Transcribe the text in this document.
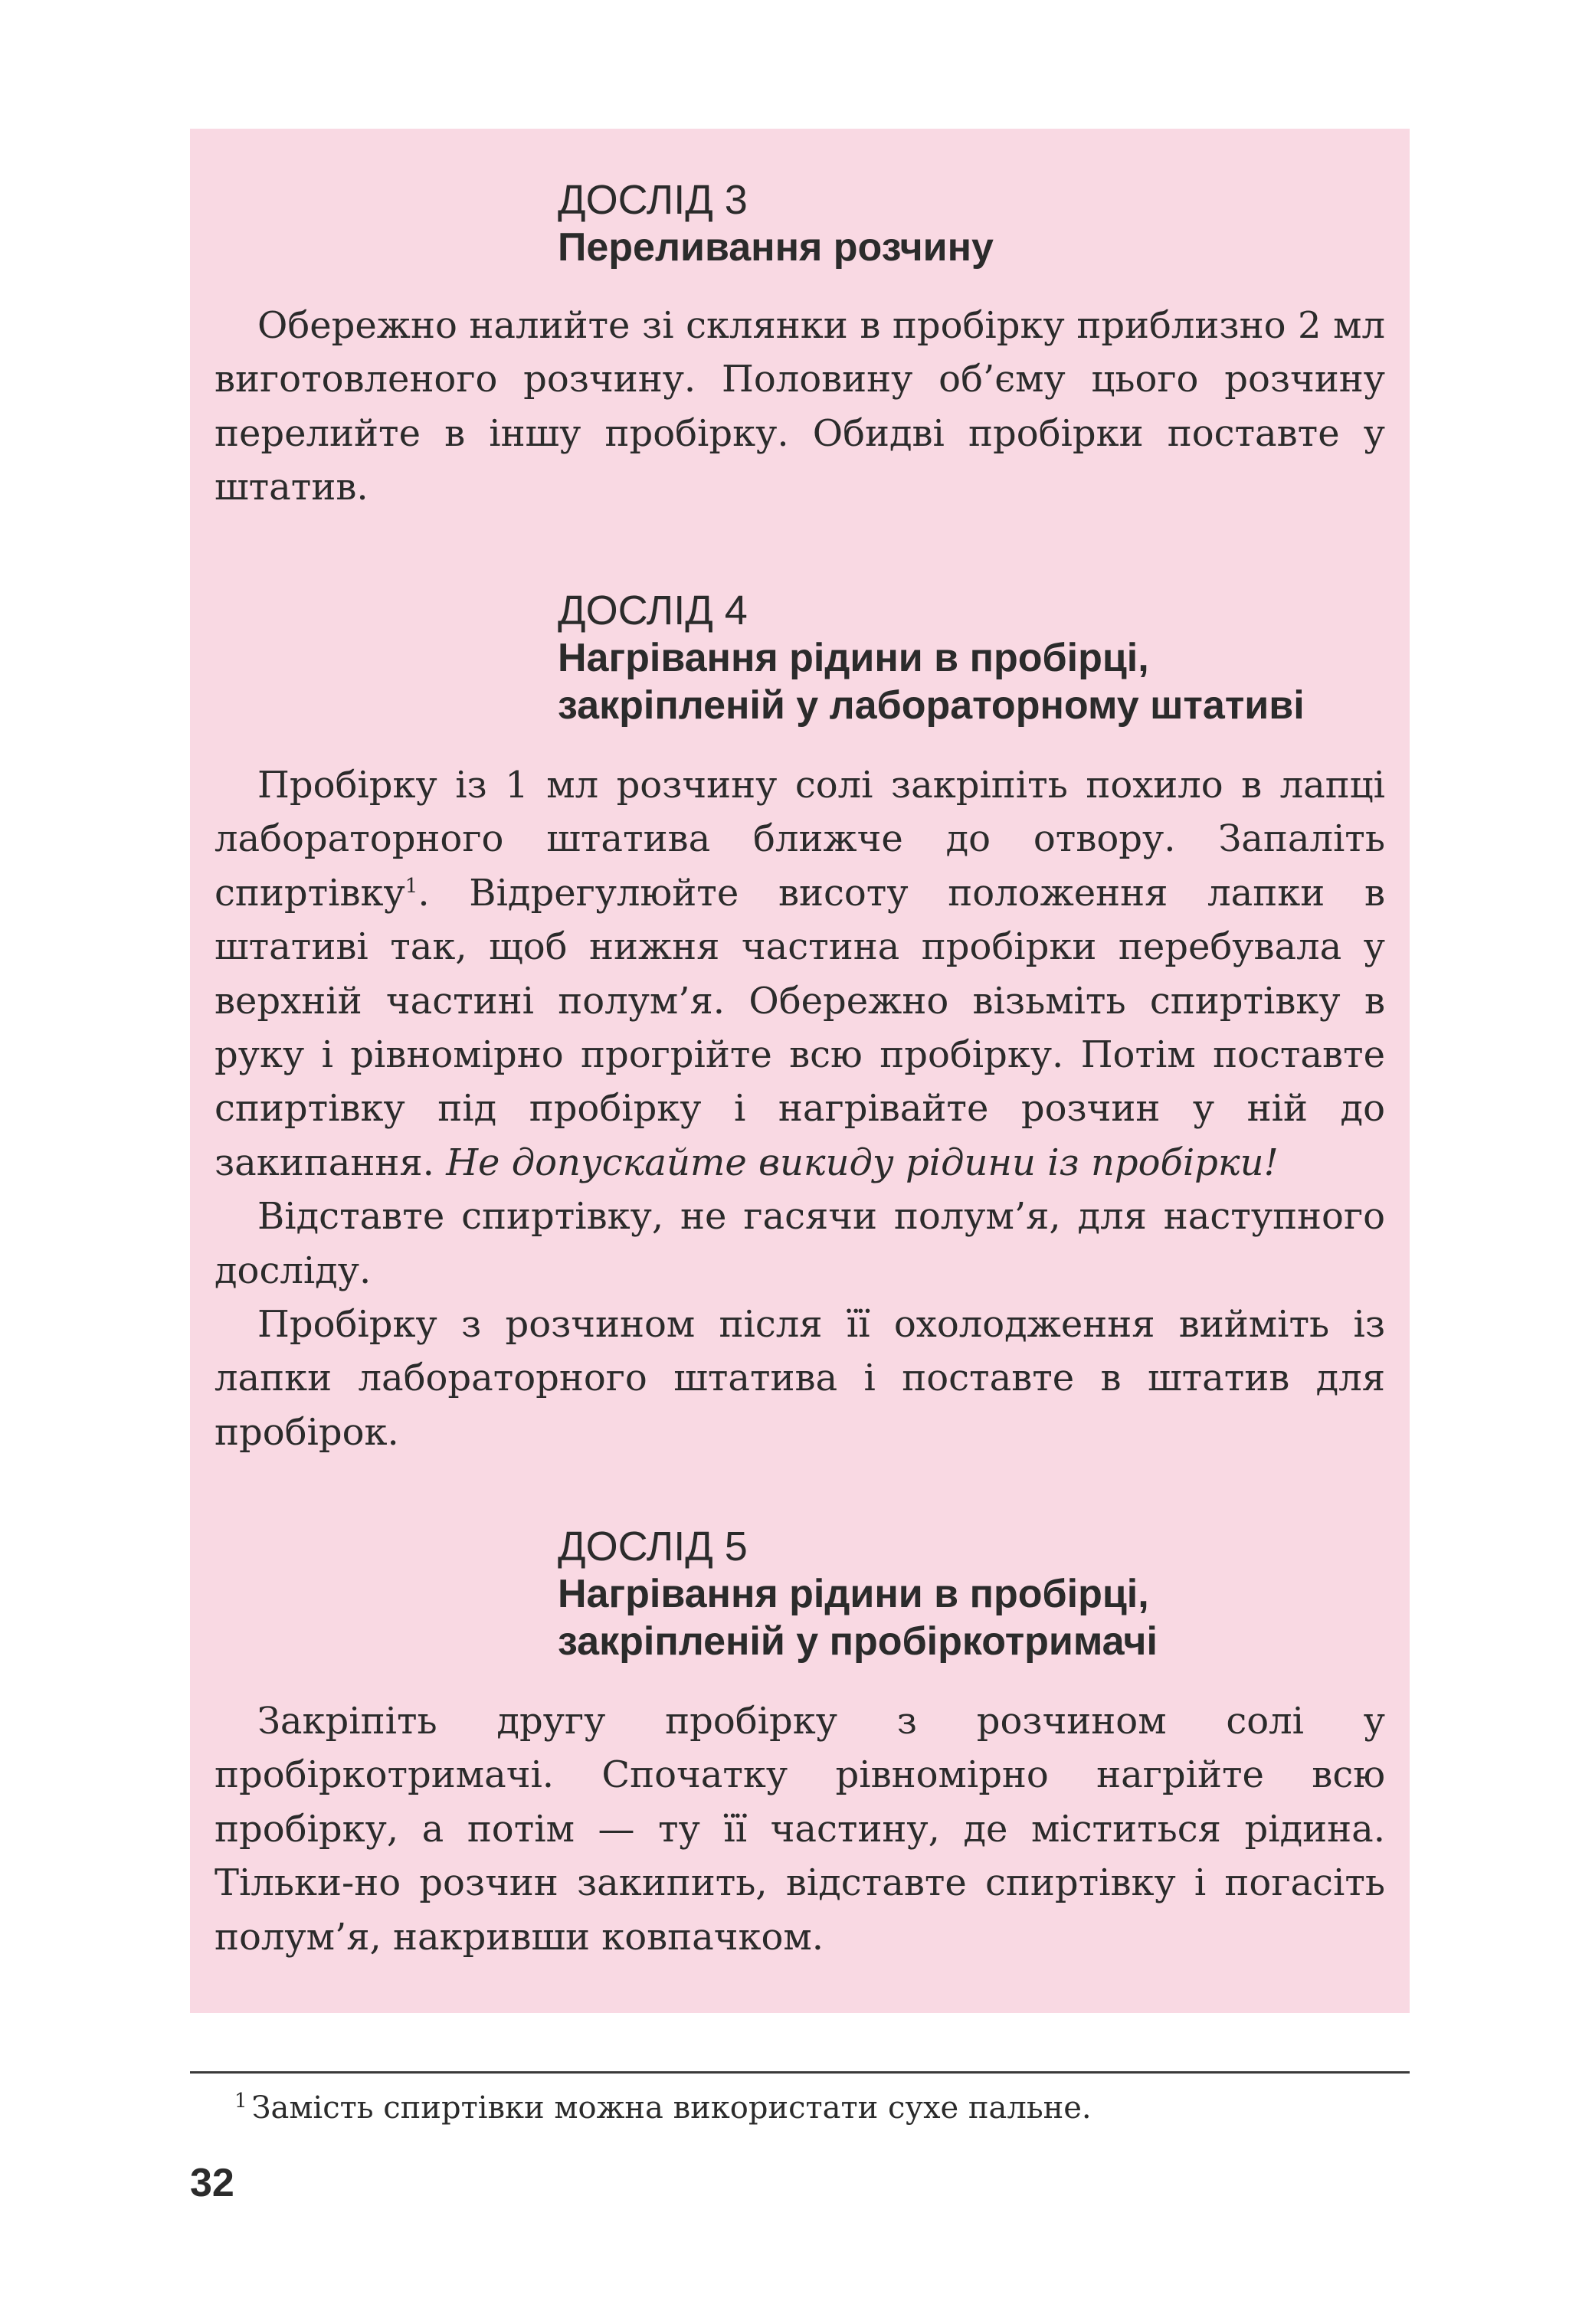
ДОСЛІД 3
Переливання розчину

Обережно налийте зі склянки в пробірку приблизно 2 мл виготовленого розчину. Половину об’єму цього розчину перелийте в іншу пробірку. Обидві пробірки поставте у штатив.

ДОСЛІД 4
Нагрівання рідини в пробірці,
закріпленій у лабораторному штативі

Пробірку із 1 мл розчину солі закріпіть похило в лапці лабораторного штатива ближче до отвору. Запаліть спиртівку$^1$. Відрегулюйте висоту положення лапки в штативі так, щоб нижня частина пробірки перебувала у верхній частині полум’я. Обережно візьміть спиртівку в руку і рівномірно прогрійте всю пробірку. Потім поставте спиртівку під пробірку і нагрівайте розчин у ній до закипання. Не допускайте викиду рідини із пробірки!

Відставте спиртівку, не гасячи полум’я, для наступного досліду.

Пробірку з розчином після її охолодження вийміть із лапки лабораторного штатива і поставте в штатив для пробірок.

ДОСЛІД 5
Нагрівання рідини в пробірці,
закріпленій у пробіркотримачі

Закріпіть другу пробірку з розчином солі у пробіркотримачі. Спочатку рівномірно нагрійте всю пробірку, а потім — ту її частину, де міститься рідина. Тільки-но розчин закипить, відставте спиртівку і погасіть полум’я, накривши ковпачком.

$^1$ Замість спиртівки можна використати сухе пальне.
32
